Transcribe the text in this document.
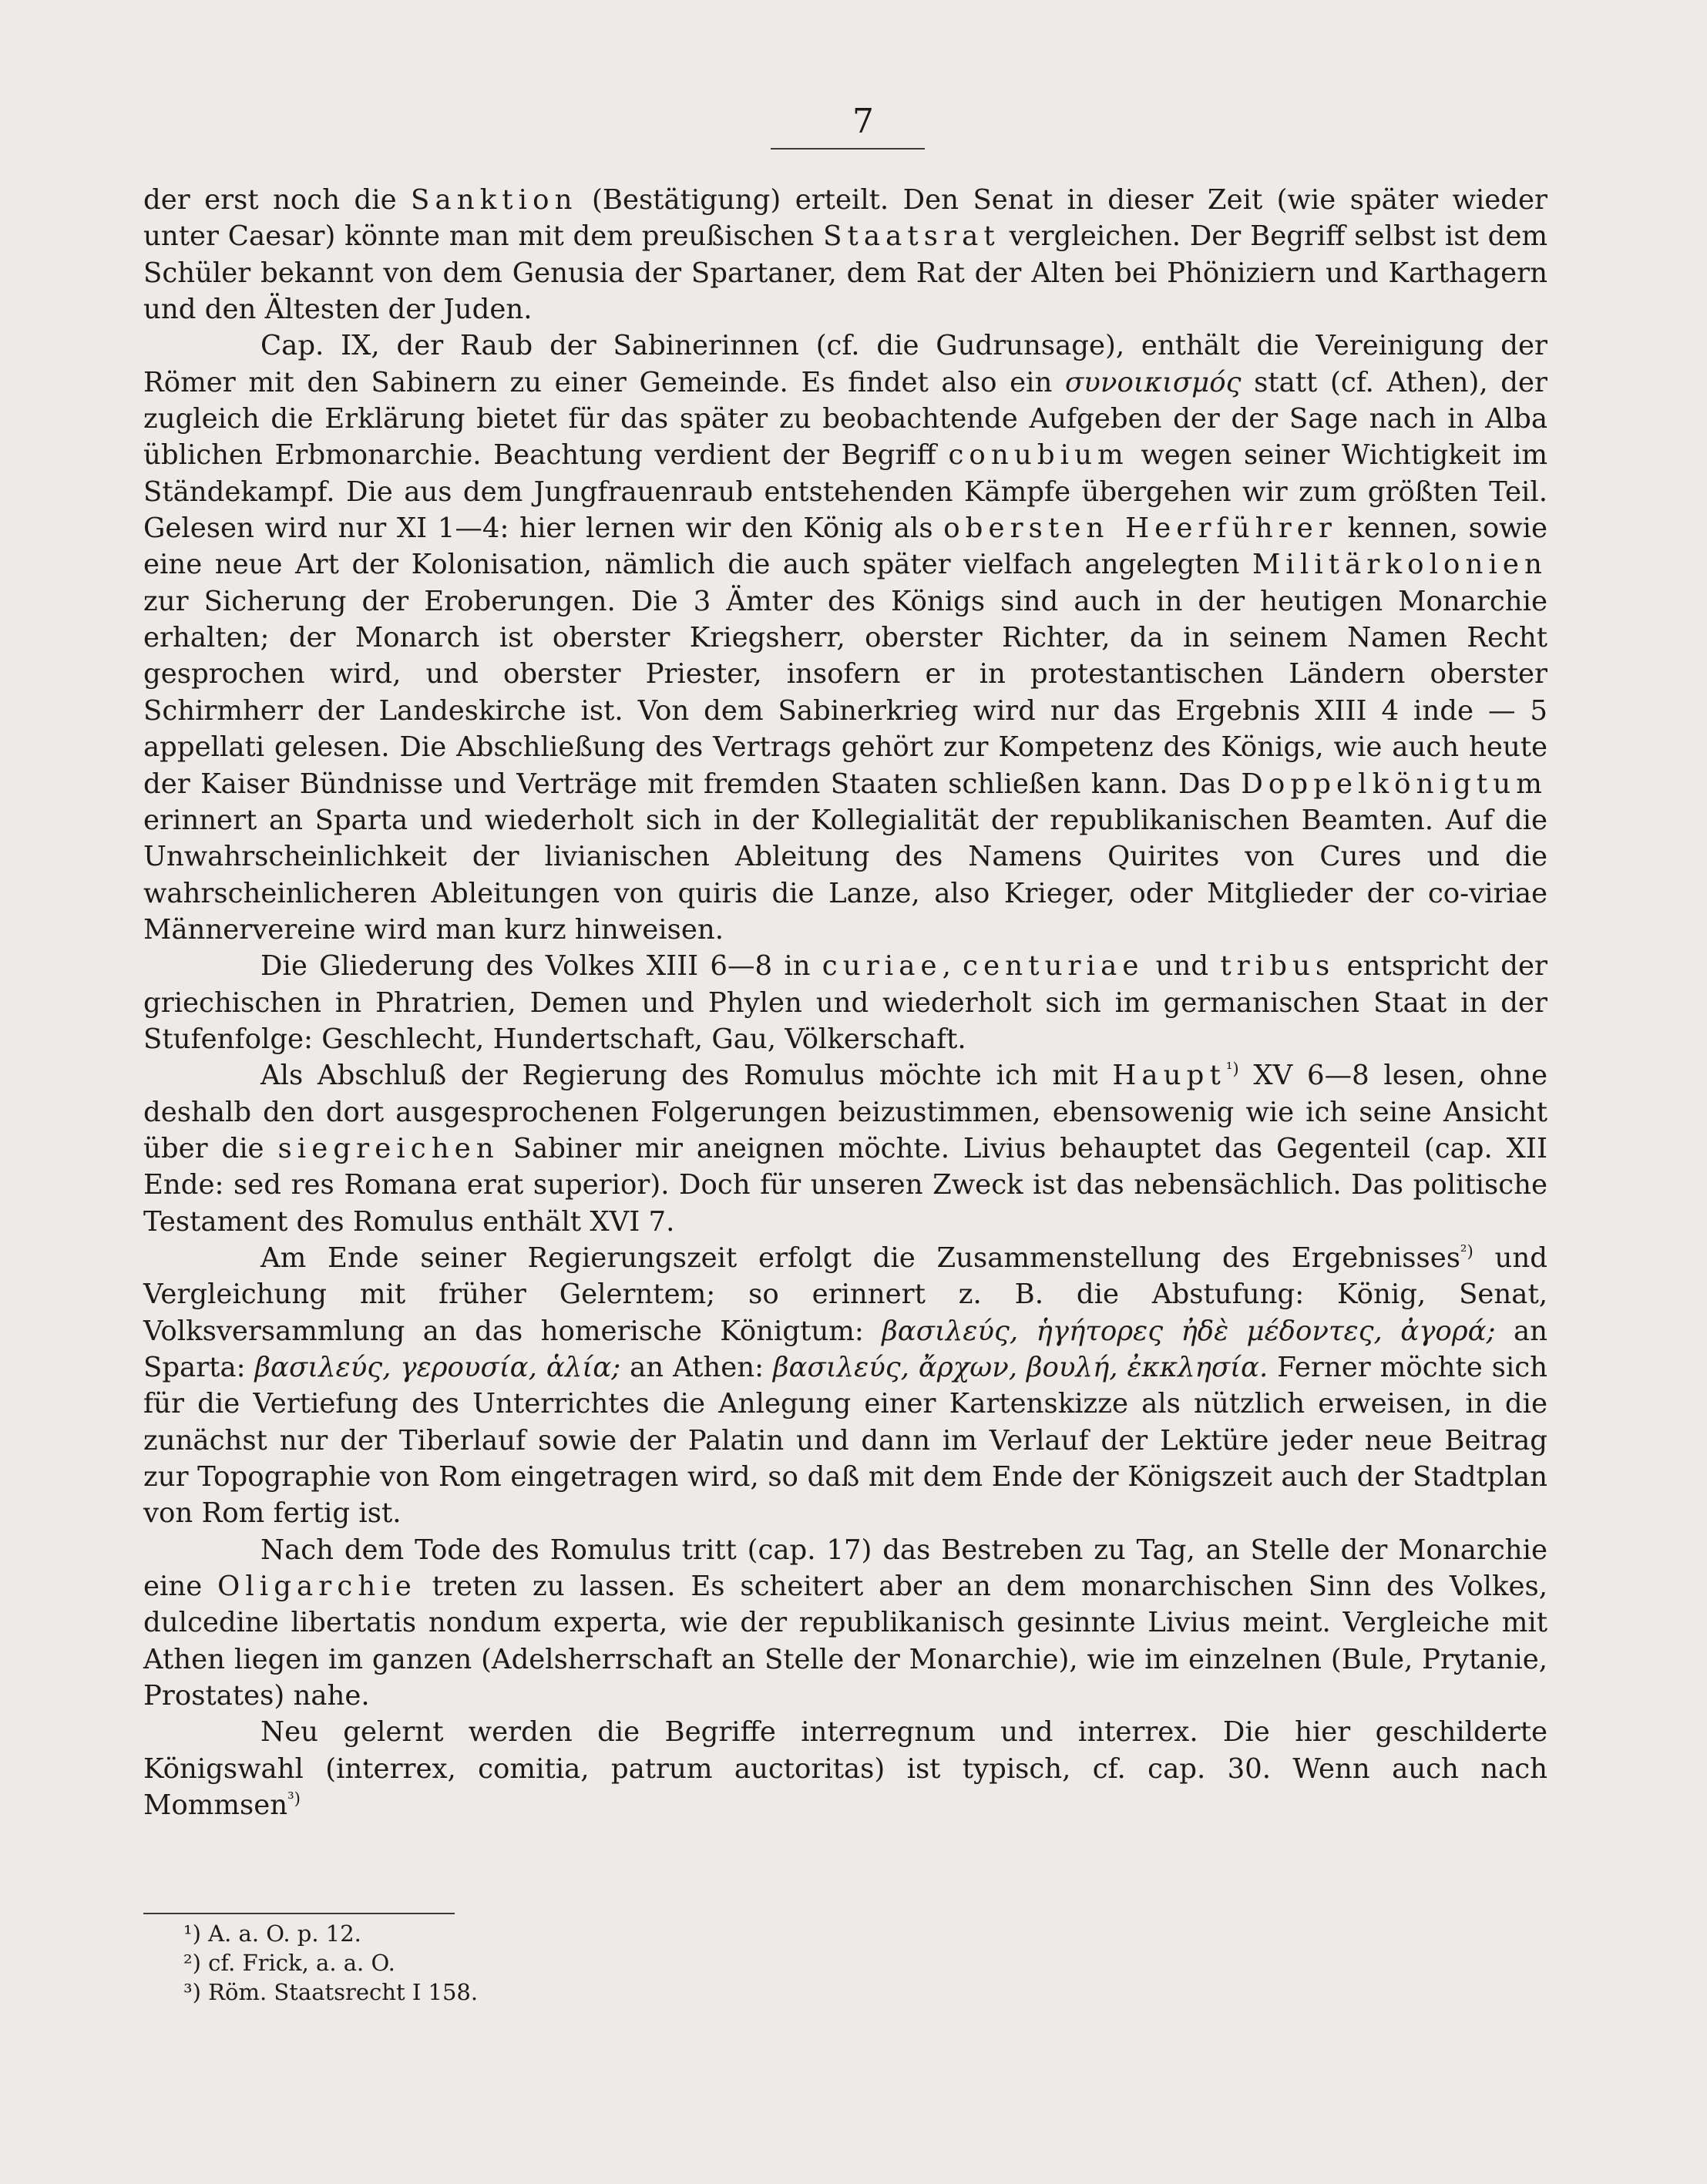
7

der erst noch die Sanktion (Bestätigung) erteilt. Den Senat in dieser Zeit (wie später wieder unter Caesar) könnte man mit dem preußischen Staatsrat vergleichen. Der Begriff selbst ist dem Schüler bekannt von dem Genusia der Spartaner, dem Rat der Alten bei Phöniziern und Karthagern und den Ältesten der Juden.

Cap. IX, der Raub der Sabinerinnen (cf. die Gudrunsage), enthält die Vereinigung der Römer mit den Sabinern zu einer Gemeinde. Es findet also ein συνοικισμός statt (cf. Athen), der zugleich die Erklärung bietet für das später zu beobachtende Aufgeben der der Sage nach in Alba üblichen Erbmonarchie. Beachtung verdient der Begriff conubium wegen seiner Wichtigkeit im Ständekampf. Die aus dem Jungfrauenraub entstehenden Kämpfe übergehen wir zum größten Teil. Gelesen wird nur XI 1—4: hier lernen wir den König als obersten Heerführer kennen, sowie eine neue Art der Kolonisation, nämlich die auch später vielfach angelegten Militärkolonien zur Sicherung der Eroberungen. Die 3 Ämter des Königs sind auch in der heutigen Monarchie erhalten; der Monarch ist oberster Kriegsherr, oberster Richter, da in seinem Namen Recht gesprochen wird, und oberster Priester, insofern er in protestantischen Ländern oberster Schirmherr der Landeskirche ist. Von dem Sabinerkrieg wird nur das Ergebnis XIII 4 inde — 5 appellati gelesen. Die Abschließung des Vertrags gehört zur Kompetenz des Königs, wie auch heute der Kaiser Bündnisse und Verträge mit fremden Staaten schließen kann. Das Doppelkönigtum erinnert an Sparta und wiederholt sich in der Kollegialität der republikanischen Beamten. Auf die Unwahrscheinlichkeit der livianischen Ableitung des Namens Quirites von Cures und die wahrscheinlicheren Ableitungen von quiris die Lanze, also Krieger, oder Mitglieder der co-viriae Männervereine wird man kurz hinweisen.

Die Gliederung des Volkes XIII 6—8 in curiae, centuriae und tribus entspricht der griechischen in Phratrien, Demen und Phylen und wiederholt sich im germanischen Staat in der Stufenfolge: Geschlecht, Hundertschaft, Gau, Völkerschaft.

Als Abschluß der Regierung des Romulus möchte ich mit Haupt$^{^1)}$ XV 6—8 lesen, ohne deshalb den dort ausgesprochenen Folgerungen beizustimmen, ebensowenig wie ich seine Ansicht über die siegreichen Sabiner mir aneignen möchte. Livius behauptet das Gegenteil (cap. XII Ende: sed res Romana erat superior). Doch für unseren Zweck ist das nebensächlich. Das politische Testament des Romulus enthält XVI 7.

Am Ende seiner Regierungszeit erfolgt die Zusammenstellung des Ergebnisses$^{^2)}$ und Vergleichung mit früher Gelerntem; so erinnert z. B. die Abstufung: König, Senat, Volksversammlung an das homerische Königtum: βασιλεύς, ἡγήτορες ἠδὲ μέδοντες, ἀγορά; an Sparta: βασιλεύς, γερουσία, ἁλία; an Athen: βασιλεύς, ἄρχων, βουλή, ἐκκλησία. Ferner möchte sich für die Vertiefung des Unterrichtes die Anlegung einer Kartenskizze als nützlich erweisen, in die zunächst nur der Tiberlauf sowie der Palatin und dann im Verlauf der Lektüre jeder neue Beitrag zur Topographie von Rom eingetragen wird, so daß mit dem Ende der Königszeit auch der Stadtplan von Rom fertig ist.

Nach dem Tode des Romulus tritt (cap. 17) das Bestreben zu Tag, an Stelle der Monarchie eine Oligarchie treten zu lassen. Es scheitert aber an dem monarchischen Sinn des Volkes, dulcedine libertatis nondum experta, wie der republikanisch gesinnte Livius meint. Vergleiche mit Athen liegen im ganzen (Adelsherrschaft an Stelle der Monarchie), wie im einzelnen (Bule, Prytanie, Prostates) nahe.

Neu gelernt werden die Begriffe interregnum und interrex. Die hier geschilderte Königswahl (interrex, comitia, patrum auctoritas) ist typisch, cf. cap. 30. Wenn auch nach Mommsen$^{^3)}$

¹) A. a. O. p. 12.

²) cf. Frick, a. a. O.

³) Röm. Staatsrecht I 158.
